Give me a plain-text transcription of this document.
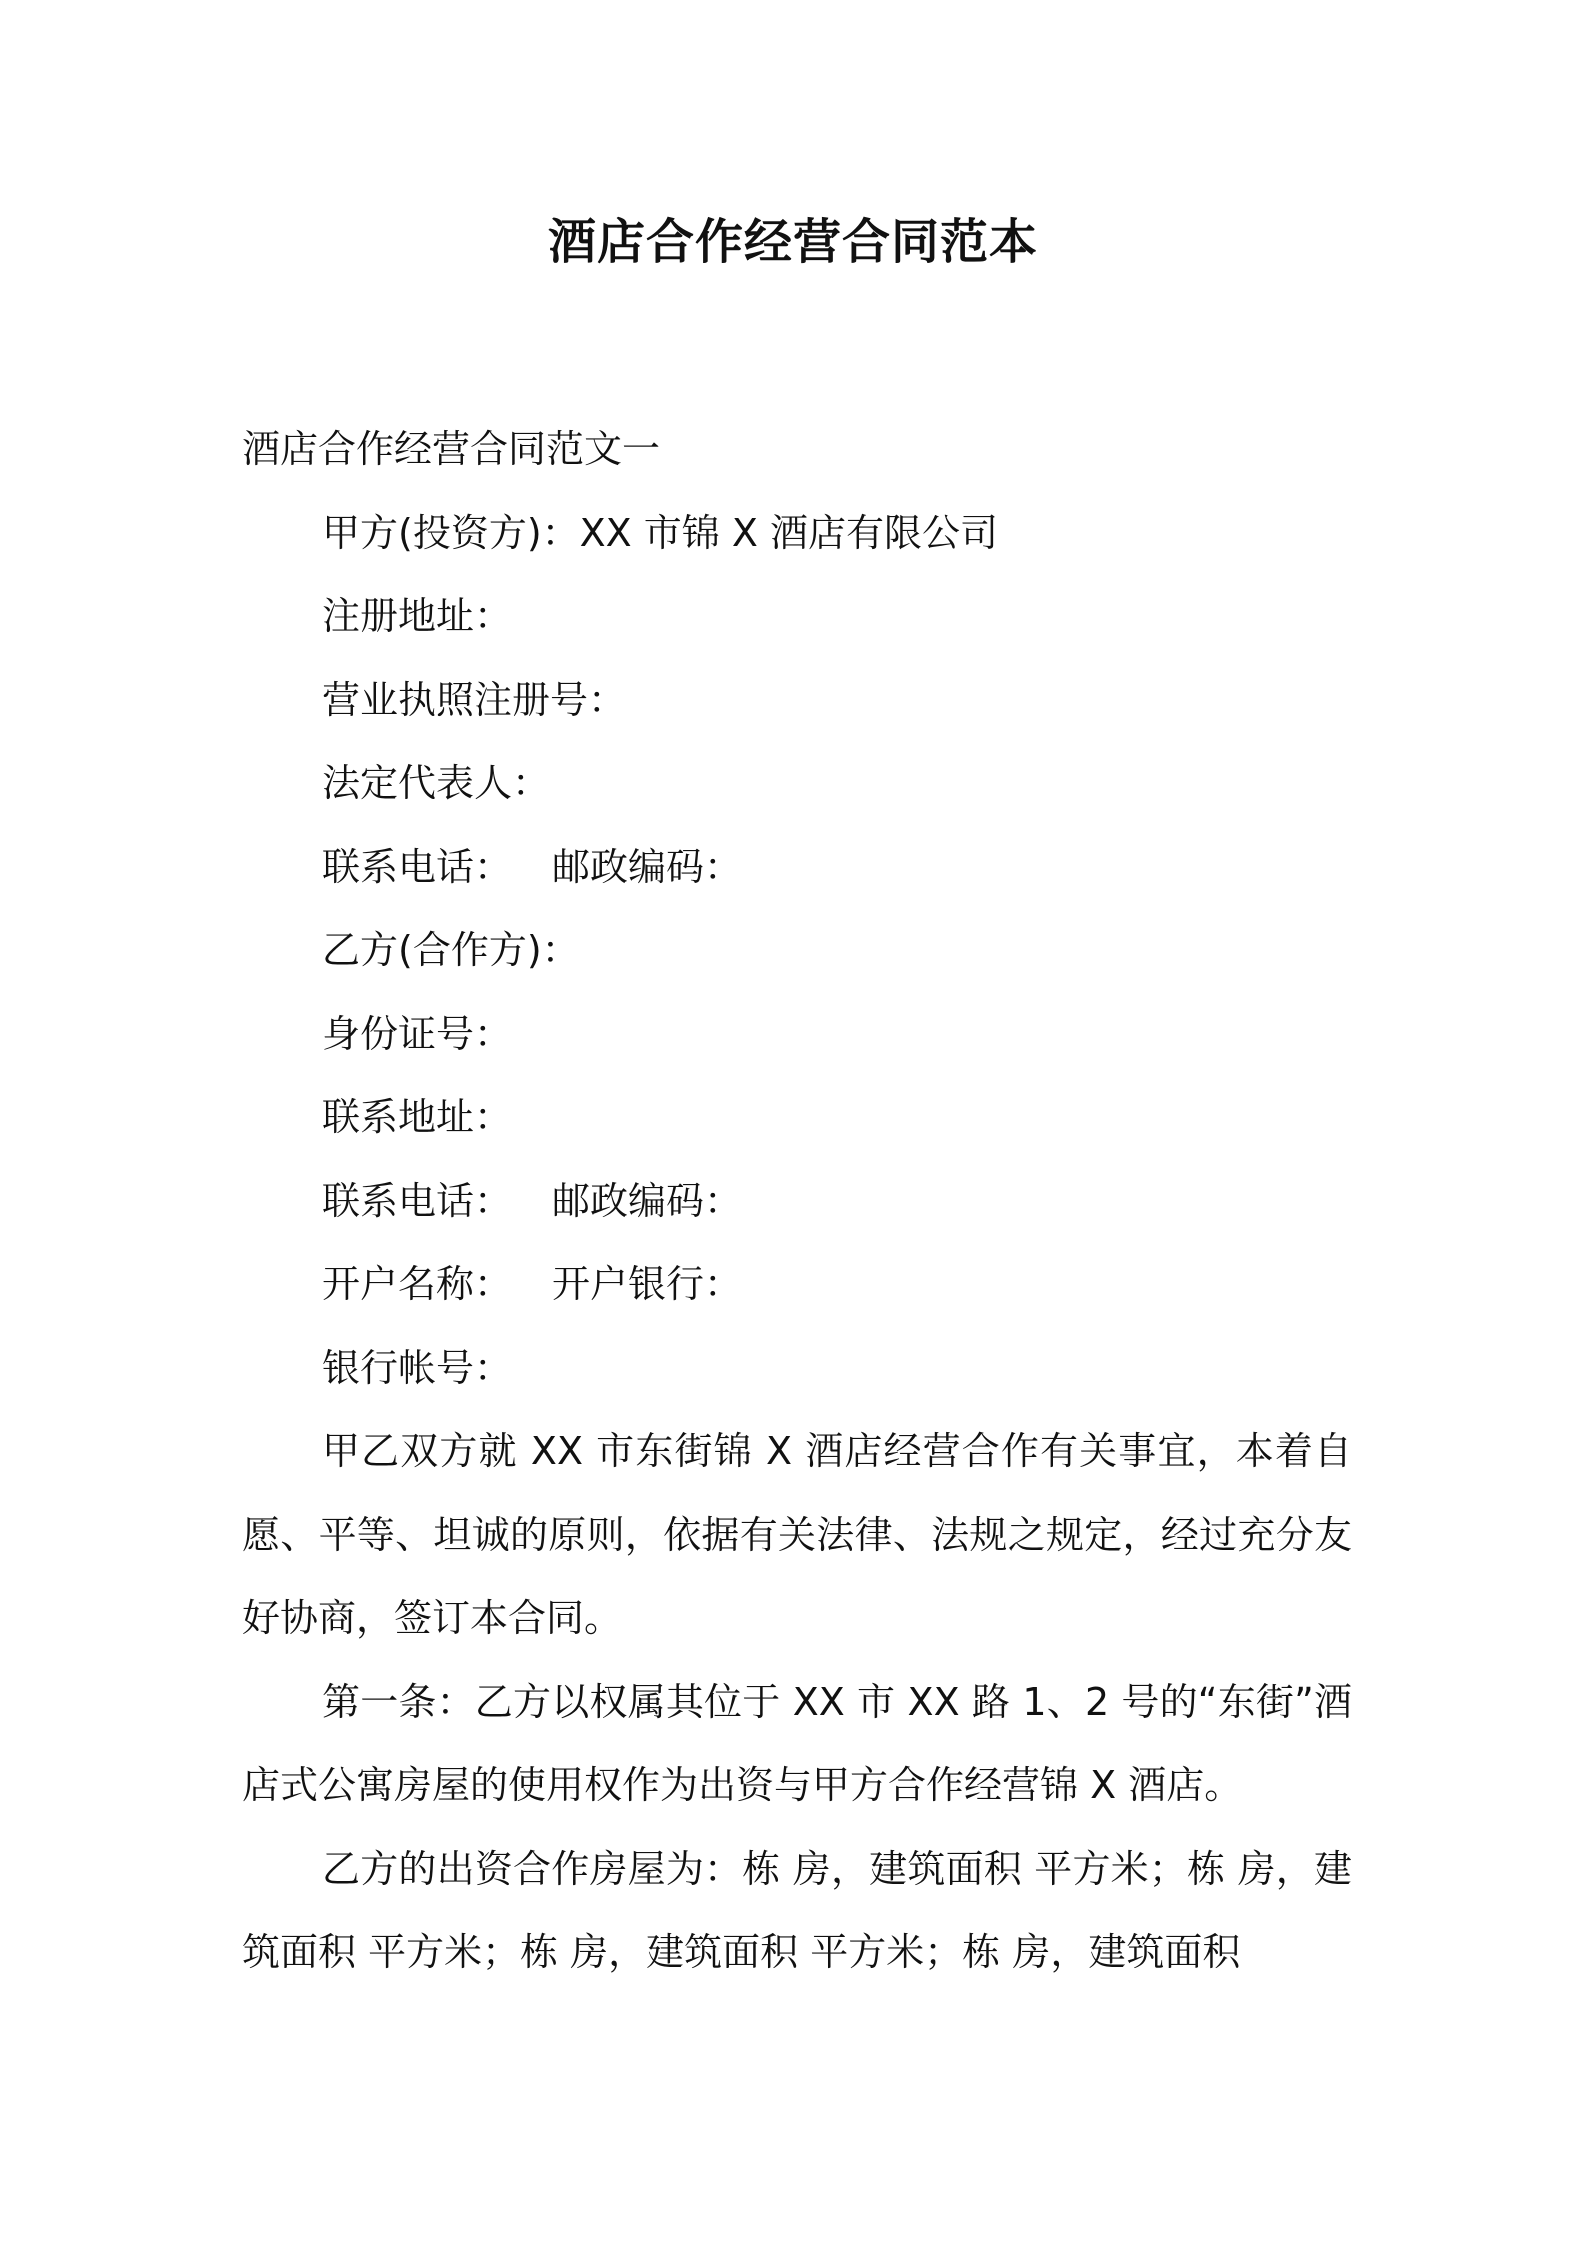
酒店合作经营合同范本

酒店合作经营合同范文一

甲方(投资方)：XX 市锦 X 酒店有限公司

注册地址：

营业执照注册号：

法定代表人：

联系电话： 邮政编码：

乙方(合作方)：

身份证号：

联系地址：

联系电话： 邮政编码：

开户名称： 开户银行：

银行帐号：

甲乙双方就 XX 市东街锦 X 酒店经营合作有关事宜，本着自愿、平等、坦诚的原则，依据有关法律、法规之规定，经过充分友好协商，签订本合同。

第一条：乙方以权属其位于 XX 市 XX 路 1、2 号的“东街”酒店式公寓房屋的使用权作为出资与甲方合作经营锦 X 酒店。

乙方的出资合作房屋为：栋 房，建筑面积 平方米；栋 房，建筑面积 平方米；栋 房，建筑面积 平方米；栋 房，建筑面积
